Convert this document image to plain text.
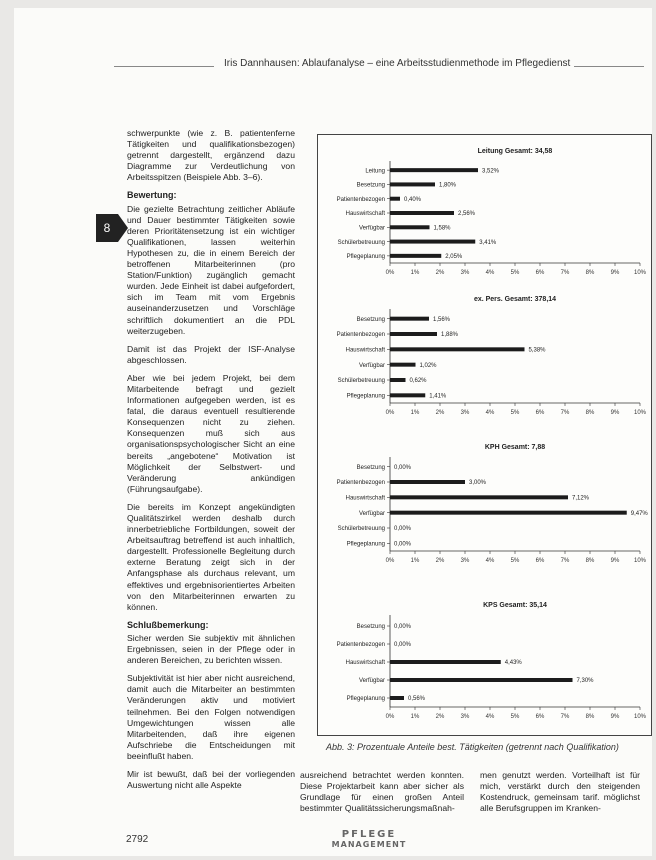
Iris Dannhausen: Ablaufanalyse – eine Arbeitsstudienmethode im Pflegedienst
8

schwerpunkte (wie z. B. patientenferne Tätigkeiten und qualifikationsbezogen) getrennt dargestellt, ergänzend dazu Diagramme zur Verdeutlichung von Arbeitsspitzen (Beispiele Abb. 3–6).

Bewertung:

Die gezielte Betrachtung zeitlicher Abläufe und Dauer bestimmter Tätigkeiten sowie deren Prioritätensetzung ist ein wichtiger Qualifikationen, lassen weiterhin Hypothesen zu, die in einem Bereich der betroffenen Mitarbeiterinnen (pro Station/Funktion) zugänglich gemacht wurden. Jede Einheit ist dabei aufgefordert, sich im Team mit vom Ergebnis auseinanderzusetzen und Vorschläge schriftlich dokumentiert an die PDL weiterzugeben.

Damit ist das Projekt der ISF-Analyse abgeschlossen.

Aber wie bei jedem Projekt, bei dem Mitarbeitende befragt und gezielt Informationen aufgegeben werden, ist es fatal, die daraus eventuell resultierende Konsequenzen nicht zu ziehen. Konsequenzen muß sich aus organisationspsychologischer Sicht an eine bereits „angebotene“ Motivation ist Möglichkeit der Selbstwert- und Veränderung ankündigen (Führungsaufgabe).

Die bereits im Konzept angekündigten Qualitätszirkel werden deshalb durch innerbetriebliche Fortbildungen, soweit der Arbeitsauftrag betreffend ist auch inhaltlich, dargestellt. Professionelle Begleitung durch externe Beratung zeigt sich in der Anfangsphase als durchaus relevant, um effektives und ergebnisorientiertes Arbeiten von den Mitarbeiterinnen erwarten zu können.

Schlußbemerkung:

Sicher werden Sie subjektiv mit ähnlichen Ergebnissen, seien in der Pflege oder in anderen Bereichen, zu berichten wissen.

Subjektivität ist hier aber nicht ausreichend, damit auch die Mitarbeiter an bestimmten Veränderungen aktiv und motiviert teilnehmen. Bei den Folgen notwendigen Umgewichtungen wissen alle Mitarbeitenden, daß ihre eigenen Aufschriebe die Entscheidungen mit beeinflußt haben.

Mir ist bewußt, daß bei der vorliegenden Auswertung nicht alle Aspekte

Leitung Gesamt: 34,58
0%	1%	2%	3%	4%	5%	6%	7%	8%	9% 10%
Leitung	3,52%
Besetzung	1,80%
Patientenbezogen	0,40%
Hauswirtschaft	2,56%
Verfügbar	1,58%
Schülerbetreuung	3,41%
Pflegeplanung	2,05%
ex. Pers. Gesamt: 378,14
0%	1%	2%	3%	4%	5%	6%	7%	8%	9% 10%
Besetzung	1,56%
Patientenbezogen	1,88%
Hauswirtschaft	5,38%
Verfügbar	1,02%
Schülerbetreuung	0,62%
Pflegeplanung	1,41%
KPH Gesamt: 7,88
0%	1%	2%	3%	4%	5%	6%	7%	8%	9% 10%
Besetzung 0,00%
Patientenbezogen	3,00%
Hauswirtschaft	7,12%
Verfügbar	9,47%
Schülerbetreuung 0,00%
Pflegeplanung 0,00%
KPS Gesamt: 35,14
0%	1%	2%	3%	4%	5%	6%	7%	8%	9% 10%
Besetzung 0,00%
Patientenbezogen 0,00%
Hauswirtschaft	4,43%
Verfügbar	7,30%
Pflegeplanung	0,56%
Abb. 3: Prozentuale Anteile best. Tätigkeiten (getrennt nach Qualifikation)

ausreichend betrachtet werden konnten. Diese Projektarbeit kann aber sicher als Grundlage für einen großen Anteil bestimmter Qualitätssicherungsmaßnah-

men genutzt werden. Vorteilhaft ist für mich, verstärkt durch den steigenden Kostendruck, gemeinsam tarif. möglichst alle Berufsgruppen im Kranken-

2792	PFLEGE
MANAGEMENT
